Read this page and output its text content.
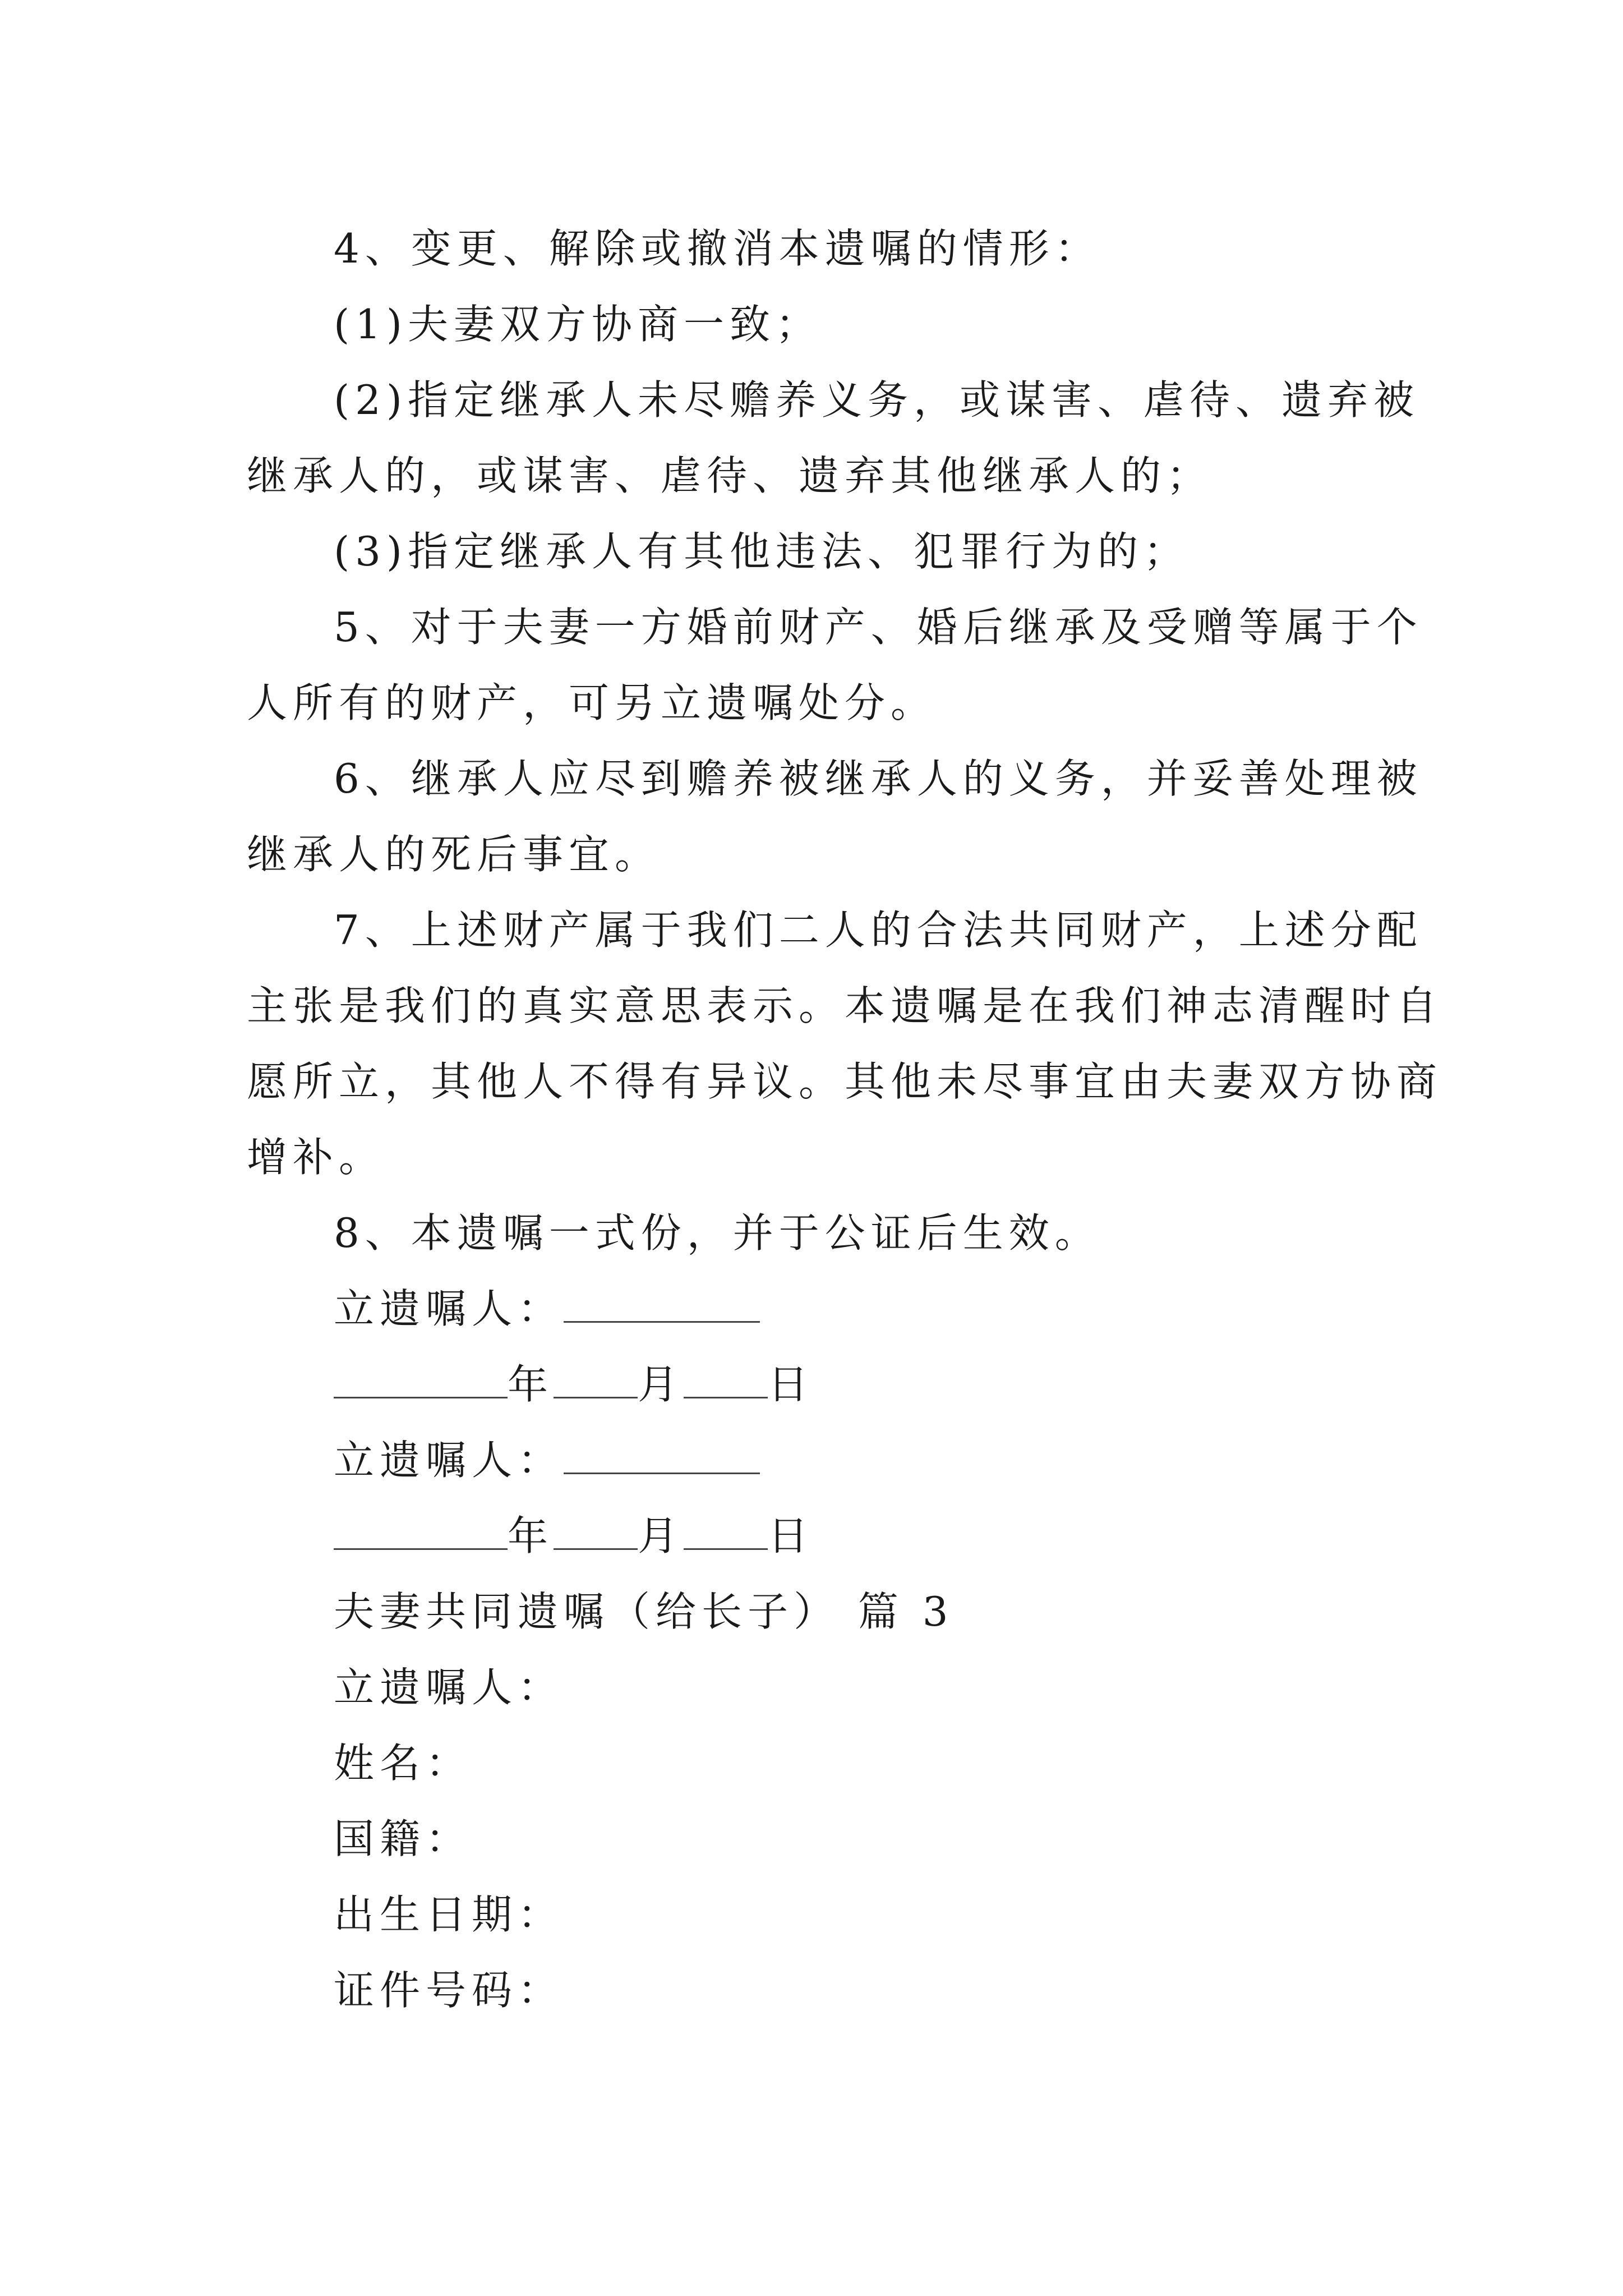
4、变更、解除或撤消本遗嘱的情形：
(1)夫妻双方协商一致；
(2)指定继承人未尽赡养义务，或谋害、虐待、遗弃被
继承人的，或谋害、虐待、遗弃其他继承人的；
(3)指定继承人有其他违法、犯罪行为的；
5、对于夫妻一方婚前财产、婚后继承及受赠等属于个
人所有的财产，可另立遗嘱处分。
6、继承人应尽到赡养被继承人的义务，并妥善处理被
继承人的死后事宜。
7、上述财产属于我们二人的合法共同财产，上述分配
主张是我们的真实意思表示。本遗嘱是在我们神志清醒时自
愿所立，其他人不得有异议。其他未尽事宜由夫妻双方协商
增补。
8、本遗嘱一式份，并于公证后生效。
立遗嘱人：
年 月 日
立遗嘱人：
年 月 日
夫妻共同遗嘱（给长子） 篇 3
立遗嘱人：
姓名：
国籍：
出生日期：
证件号码：
